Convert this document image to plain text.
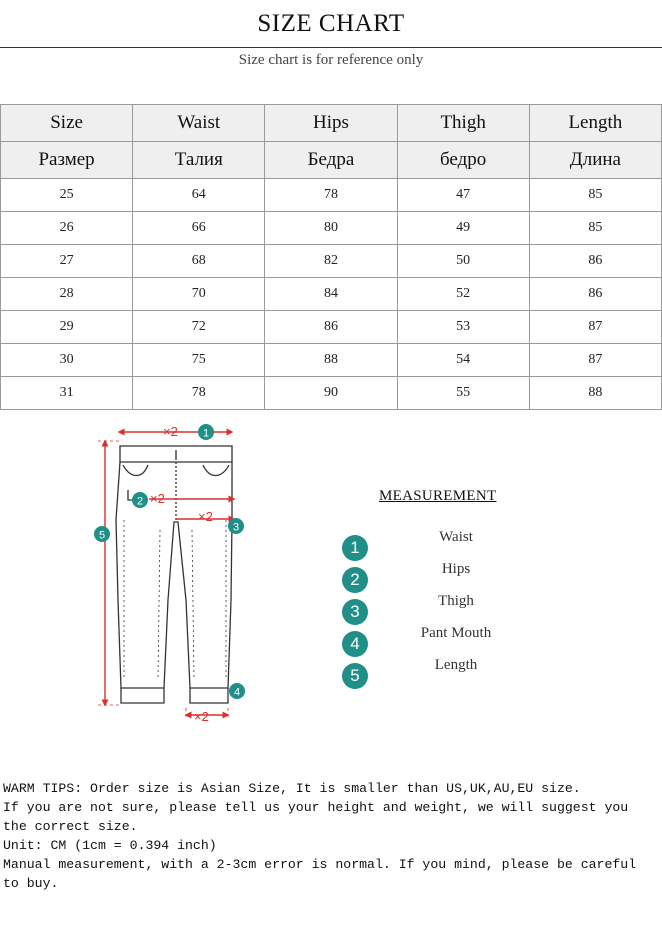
SIZE CHART
Size chart is for reference only
Size	Waist	Hips	Thigh	Length
Размер	Талия	Бедра	бедро	Длина
25	64	78	47	85
26	66	80	49	85
27	68	82	50	86
28	70	84	52	86
29	72	86	53	87
30	75	88	54	87
31	78	90	55	88
×2
×2
×2
×2
1
2
3
4
5
MEASUREMENT
1
Waist
2
Hips
3
Thigh
4
Pant Mouth
5
Length
WARM TIPS: Order size is Asian Size, It is smaller than US,UK,AU,EU size.
If you are not sure, please tell us your height and weight, we will suggest you the correct size.
Unit: CM (1cm = 0.394 inch)
Manual measurement, with a 2-3cm error is normal. If you mind, please be careful to buy.
